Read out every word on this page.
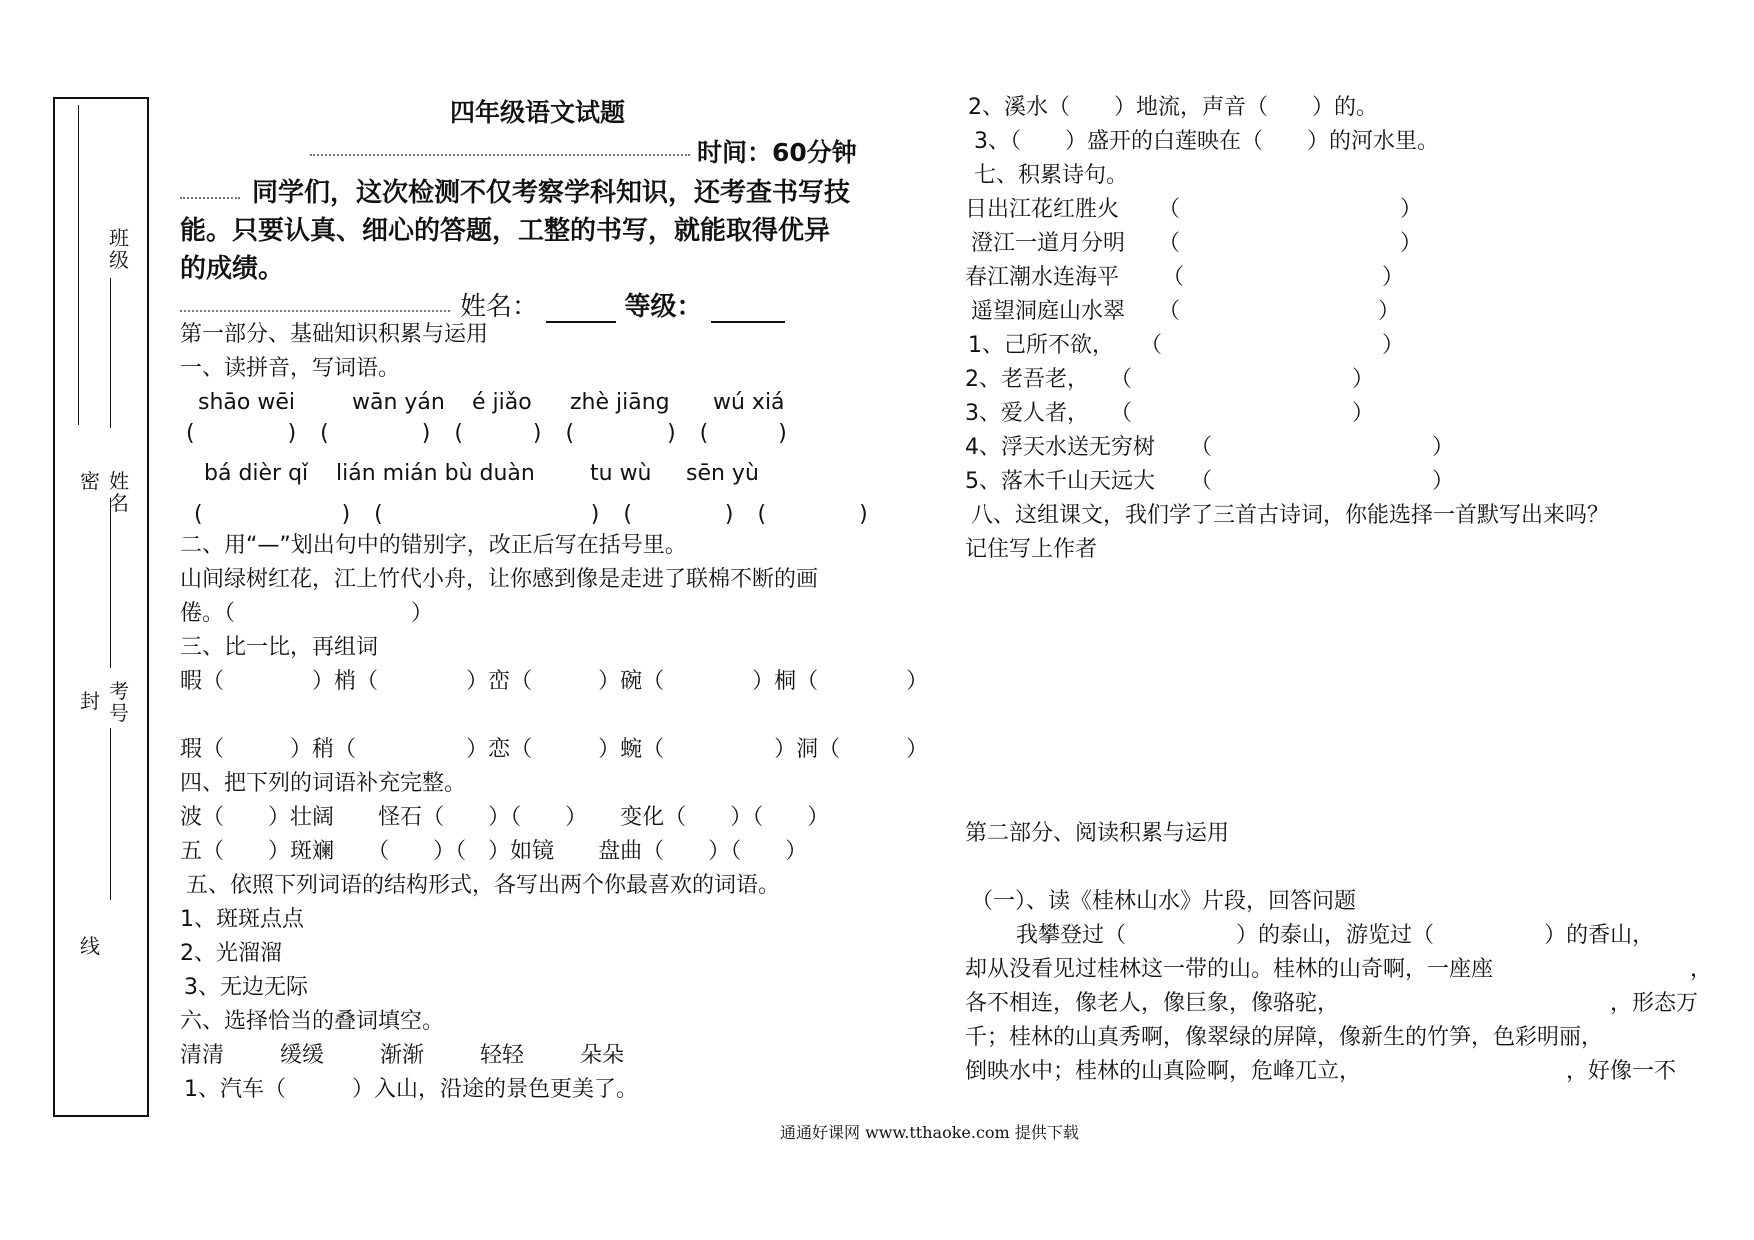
班级
姓名
考号
密
封
线
四年级语文试题
时间：60分钟
同学们，这次检测不仅考察学科知识，还考查书写技
能。只要认真、细心的答题，工整的书写，就能取得优异
的成绩。
姓名：	等级：
第一部分、基础知识积累与运用
一、读拼音，写词语。
shāo wēi	wān yán é jiǎo zhè jiāng wú xiá
(　　　　)　(　　　　)　(　　　)　(　　　　)　(　　　)
bá dièr qǐ lián mián bù duàn	tu wù sēn yù
(　　　　　　)　(　　　　　　　　　)　(　　　　)　(　　　　)
二、用“—”划出句中的错别字，改正后写在括号里。
山间绿树红花，江上竹代小舟，让你感到像是走进了联棉不断的画
倦。（　　　　　　　　）
三、比一比，再组词
暇（　　　　	）梢（　　　　	）峦（　　　	）碗（　　　　	）桐（　　　　	）
瑕（　　　	）稍（　　　　　	）恋（　　　	）蜿（　　　　　	）洞（　　　	）
四、把下列的词语补充完整。
波（　　 ）壮阔　　 怪石（　　 ）（　　 ）　　 变化（　　 ）（　　 ）
五（　　 ）斑斓　　 （　　 ）（　 ）如镜　　 盘曲（　　 ）（　　 ）
五、依照下列词语的结构形式，各写出两个你最喜欢的词语。
1、斑斑点点
2、光溜溜
3、无边无际
六、选择恰当的叠词填空。
清清	缓缓	渐渐	轻轻	朵朵
1、汽车（　　　	）入山，沿途的景色更美了。
2、溪水（　　 ）地流，声音（　　 ）的。
3、（　　 ）盛开的白莲映在（　　 ）的河水里。
七、积累诗句。
日出江花红胜火 （　　　　　　　　　　）
澄江一道月分明 （　　　　　　　　　　）
春江潮水连海平 （　　　　　　　　　）
遥望洞庭山水翠 （　　　　　　　　　）
1、己所不欲， （　　　　　　　　　　）
2、老吾老， （　　　　　　　　　　）
3、爱人者， （　　　　　　　　　　）
4、浮天水送无穷树 （　　　　　　　　　　）
5、落木千山天远大 （　　　　　　　　　　）
八、这组课文，我们学了三首古诗词，你能选择一首默写出来吗？
记住写上作者
第二部分、阅读积累与运用
（一）、读《桂林山水》片段，回答问题
我攀登过（　　　　　	）的泰山，游览过（　　　　　	）的香山，
却从没看见过桂林这一带的山。桂林的山奇啊，一座座	，
各不相连，像老人，像巨象，像骆驼，	，形态万
千；桂林的山真秀啊，像翠绿的屏障，像新生的竹笋，色彩明丽，
倒映水中；桂林的山真险啊，危峰兀立，	，好像一不
通通好课网 www.tthaoke.com 提供下载
